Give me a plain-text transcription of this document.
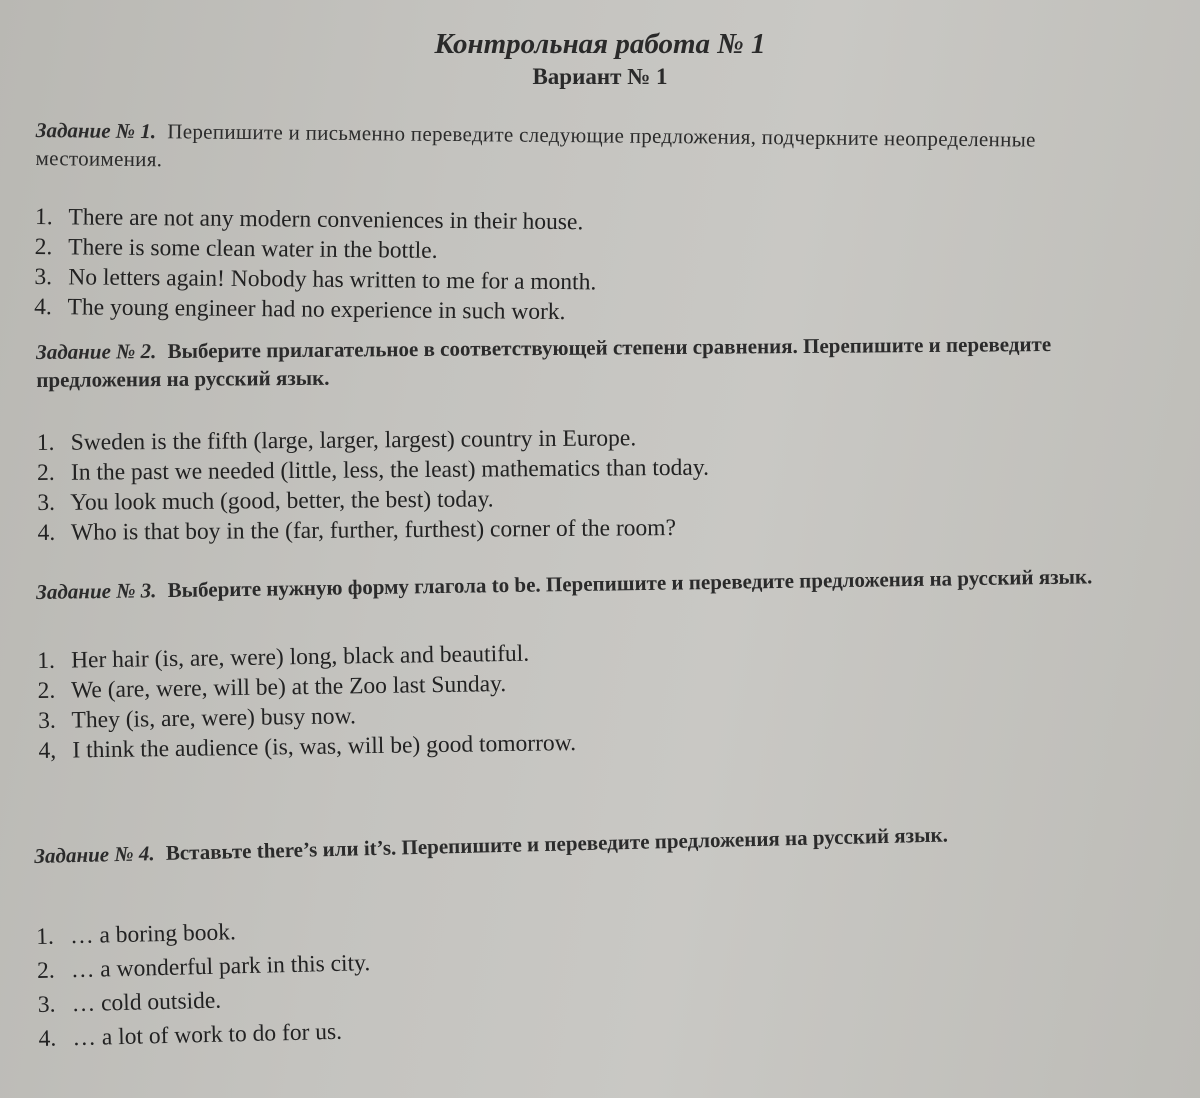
Контрольная работа № 1
Вариант № 1
Задание № 1. Перепишите и письменно переведите следующие предложения, подчеркните неопределенные местоимения.
1. There are not any modern conveniences in their house.
2. There is some clean water in the bottle.
3. No letters again! Nobody has written to me for a month.
4. The young engineer had no experience in such work.
Задание № 2. Выберите прилагательное в соответствующей степени сравнения. Перепишите и переведите предложения на русский язык.
1. Sweden is the fifth (large, larger, largest) country in Europe.
2. In the past we needed (little, less, the least) mathematics than today.
3. You look much (good, better, the best) today.
4. Who is that boy in the (far, further, furthest) corner of the room?
Задание № 3. Выберите нужную форму глагола to be. Перепишите и переведите предложения на русский язык.
1. Her hair (is, are, were) long, black and beautiful.
2. We (are, were, will be) at the Zoo last Sunday.
3. They (is, are, were) busy now.
4, I think the audience (is, was, will be) good tomorrow.
Задание № 4. Вставьте there’s или it’s. Перепишите и переведите предложения на русский язык.
1. … a boring book.
2. … a wonderful park in this city.
3. … cold outside.
4. … a lot of work to do for us.
